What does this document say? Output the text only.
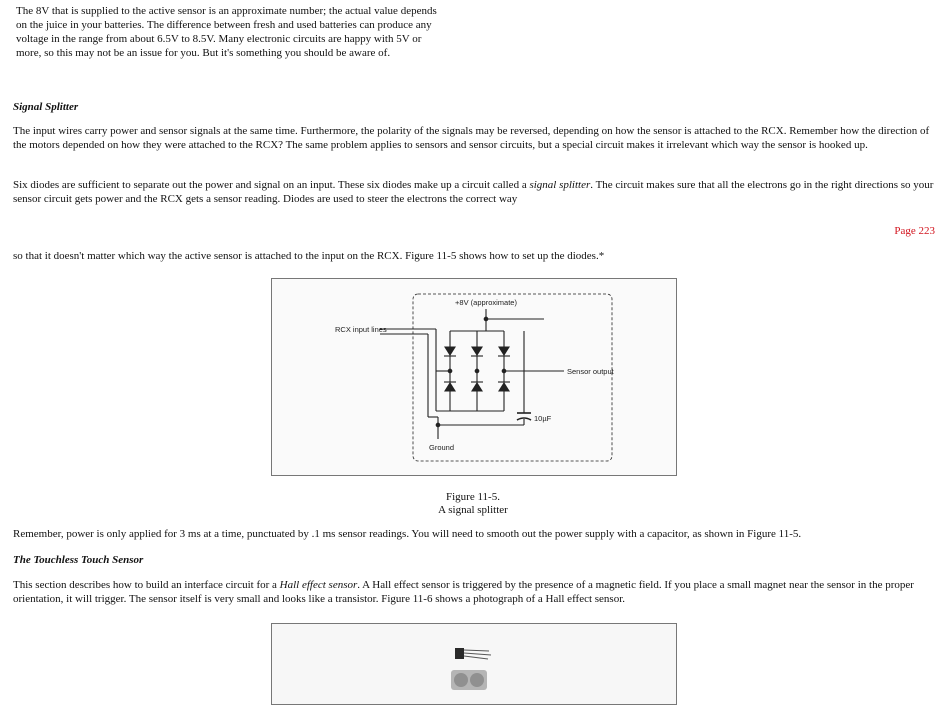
The 8V that is supplied to the active sensor is an approximate number; the actual value depends on the juice in your batteries. The difference between fresh and used batteries can produce any voltage in the range from about 6.5V to 8.5V. Many electronic circuits are happy with 5V or more, so this may not be an issue for you. But it's something you should be aware of.

Signal Splitter

The input wires carry power and sensor signals at the same time. Furthermore, the polarity of the signals may be reversed, depending on how the sensor is attached to the RCX. Remember how the direction of the motors depended on how they were attached to the RCX? The same problem applies to sensors and sensor circuits, but a special circuit makes it irrelevant which way the sensor is hooked up.

Six diodes are sufficient to separate out the power and signal on an input. These six diodes make up a circuit called a signal splitter. The circuit makes sure that all the electrons go in the right directions so your sensor circuit gets power and the RCX gets a sensor reading. Diodes are used to steer the electrons the correct way

Page 223

so that it doesn't matter which way the active sensor is attached to the input on the RCX. Figure 11-5 shows how to set up the diodes.*

+8V (approximate)
RCX input lines
Sensor output
10µF
Ground
Figure 11-5.
A signal splitter

Remember, power is only applied for 3 ms at a time, punctuated by .1 ms sensor readings. You will need to smooth out the power supply with a capacitor, as shown in Figure 11-5.

The Touchless Touch Sensor

This section describes how to build an interface circuit for a Hall effect sensor. A Hall effect sensor is triggered by the presence of a magnetic field. If you place a small magnet near the sensor in the proper orientation, it will trigger. The sensor itself is very small and looks like a transistor. Figure 11-6 shows a photograph of a Hall effect sensor.
